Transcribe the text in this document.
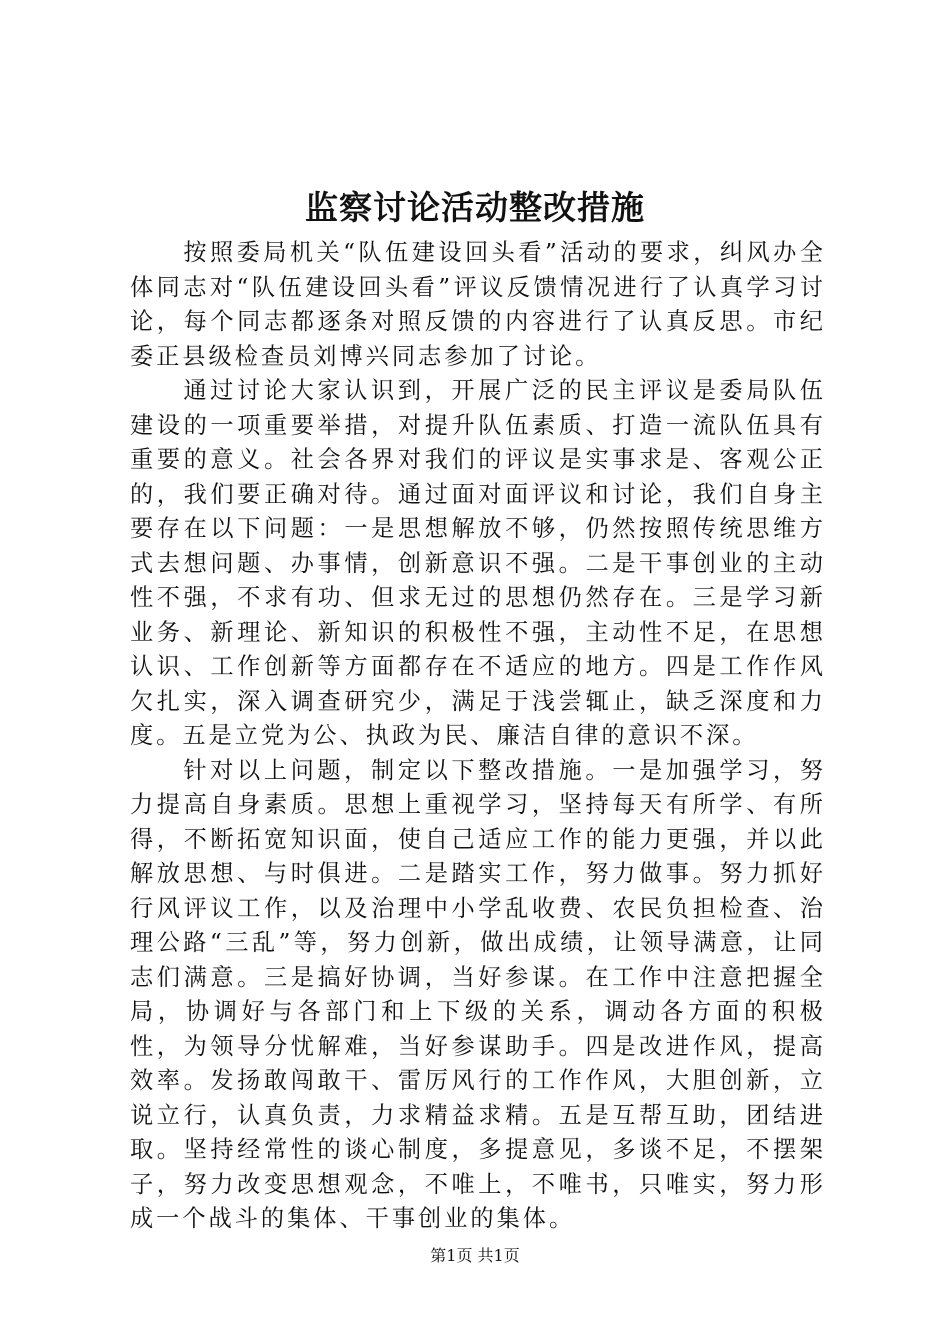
监察讨论活动整改措施

按照委局机关“队伍建设回头看”活动的要求，纠风办全体同志对“队伍建设回头看”评议反馈情况进行了认真学习讨论，每个同志都逐条对照反馈的内容进行了认真反思。市纪委正县级检查员刘博兴同志参加了讨论。

通过讨论大家认识到，开展广泛的民主评议是委局队伍建设的一项重要举措，对提升队伍素质、打造一流队伍具有重要的意义。社会各界对我们的评议是实事求是、客观公正的，我们要正确对待。通过面对面评议和讨论，我们自身主要存在以下问题：一是思想解放不够，仍然按照传统思维方式去想问题、办事情，创新意识不强。二是干事创业的主动性不强，不求有功、但求无过的思想仍然存在。三是学习新业务、新理论、新知识的积极性不强，主动性不足，在思想认识、工作创新等方面都存在不适应的地方。四是工作作风欠扎实，深入调查研究少，满足于浅尝辄止，缺乏深度和力度。五是立党为公、执政为民、廉洁自律的意识不深。

针对以上问题，制定以下整改措施。一是加强学习，努力提高自身素质。思想上重视学习，坚持每天有所学、有所得，不断拓宽知识面，使自己适应工作的能力更强，并以此解放思想、与时俱进。二是踏实工作，努力做事。努力抓好行风评议工作，以及治理中小学乱收费、农民负担检查、治理公路“三乱”等，努力创新，做出成绩，让领导满意，让同志们满意。三是搞好协调，当好参谋。在工作中注意把握全局，协调好与各部门和上下级的关系，调动各方面的积极性，为领导分忧解难，当好参谋助手。四是改进作风，提高效率。发扬敢闯敢干、雷厉风行的工作作风，大胆创新，立说立行，认真负责，力求精益求精。五是互帮互助，团结进取。坚持经常性的谈心制度，多提意见，多谈不足，不摆架子，努力改变思想观念，不唯上，不唯书，只唯实，努力形成一个战斗的集体、干事创业的集体。

第1页 共1页
